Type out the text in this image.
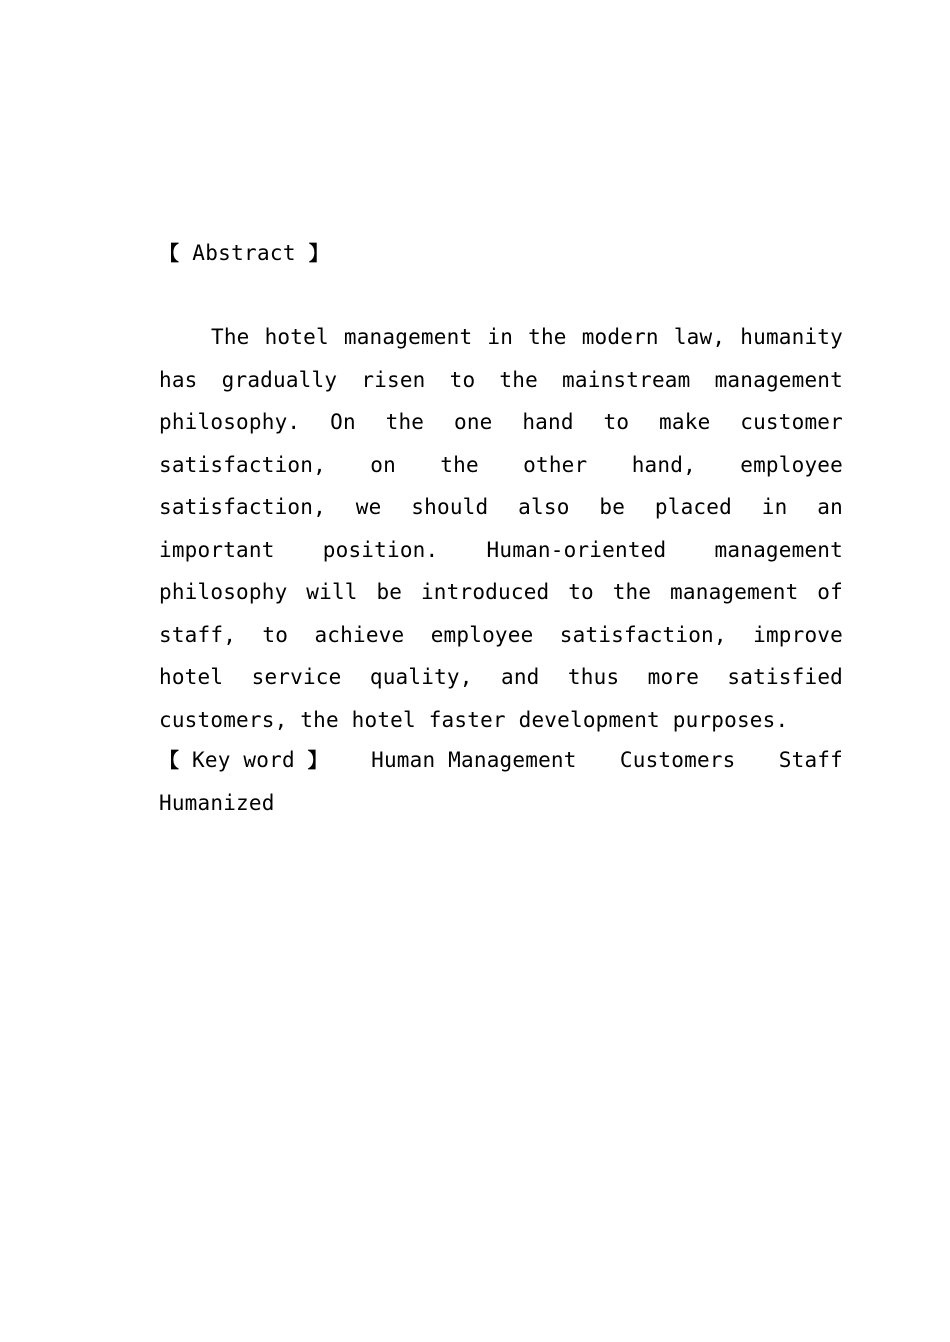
【 Abstract 】
The hotel management in the modern law, humanity has gradually risen to the mainstream management philosophy. On the one hand to make customer satisfaction, on the other hand, employee satisfaction, we should also be placed in an important position. Human-oriented management philosophy will be introduced to the management of staff, to achieve employee satisfaction, improve hotel service quality, and thus more satisfied customers, the hotel faster development purposes.
【 Key word 】 Human Management Customers Staff
Humanized
